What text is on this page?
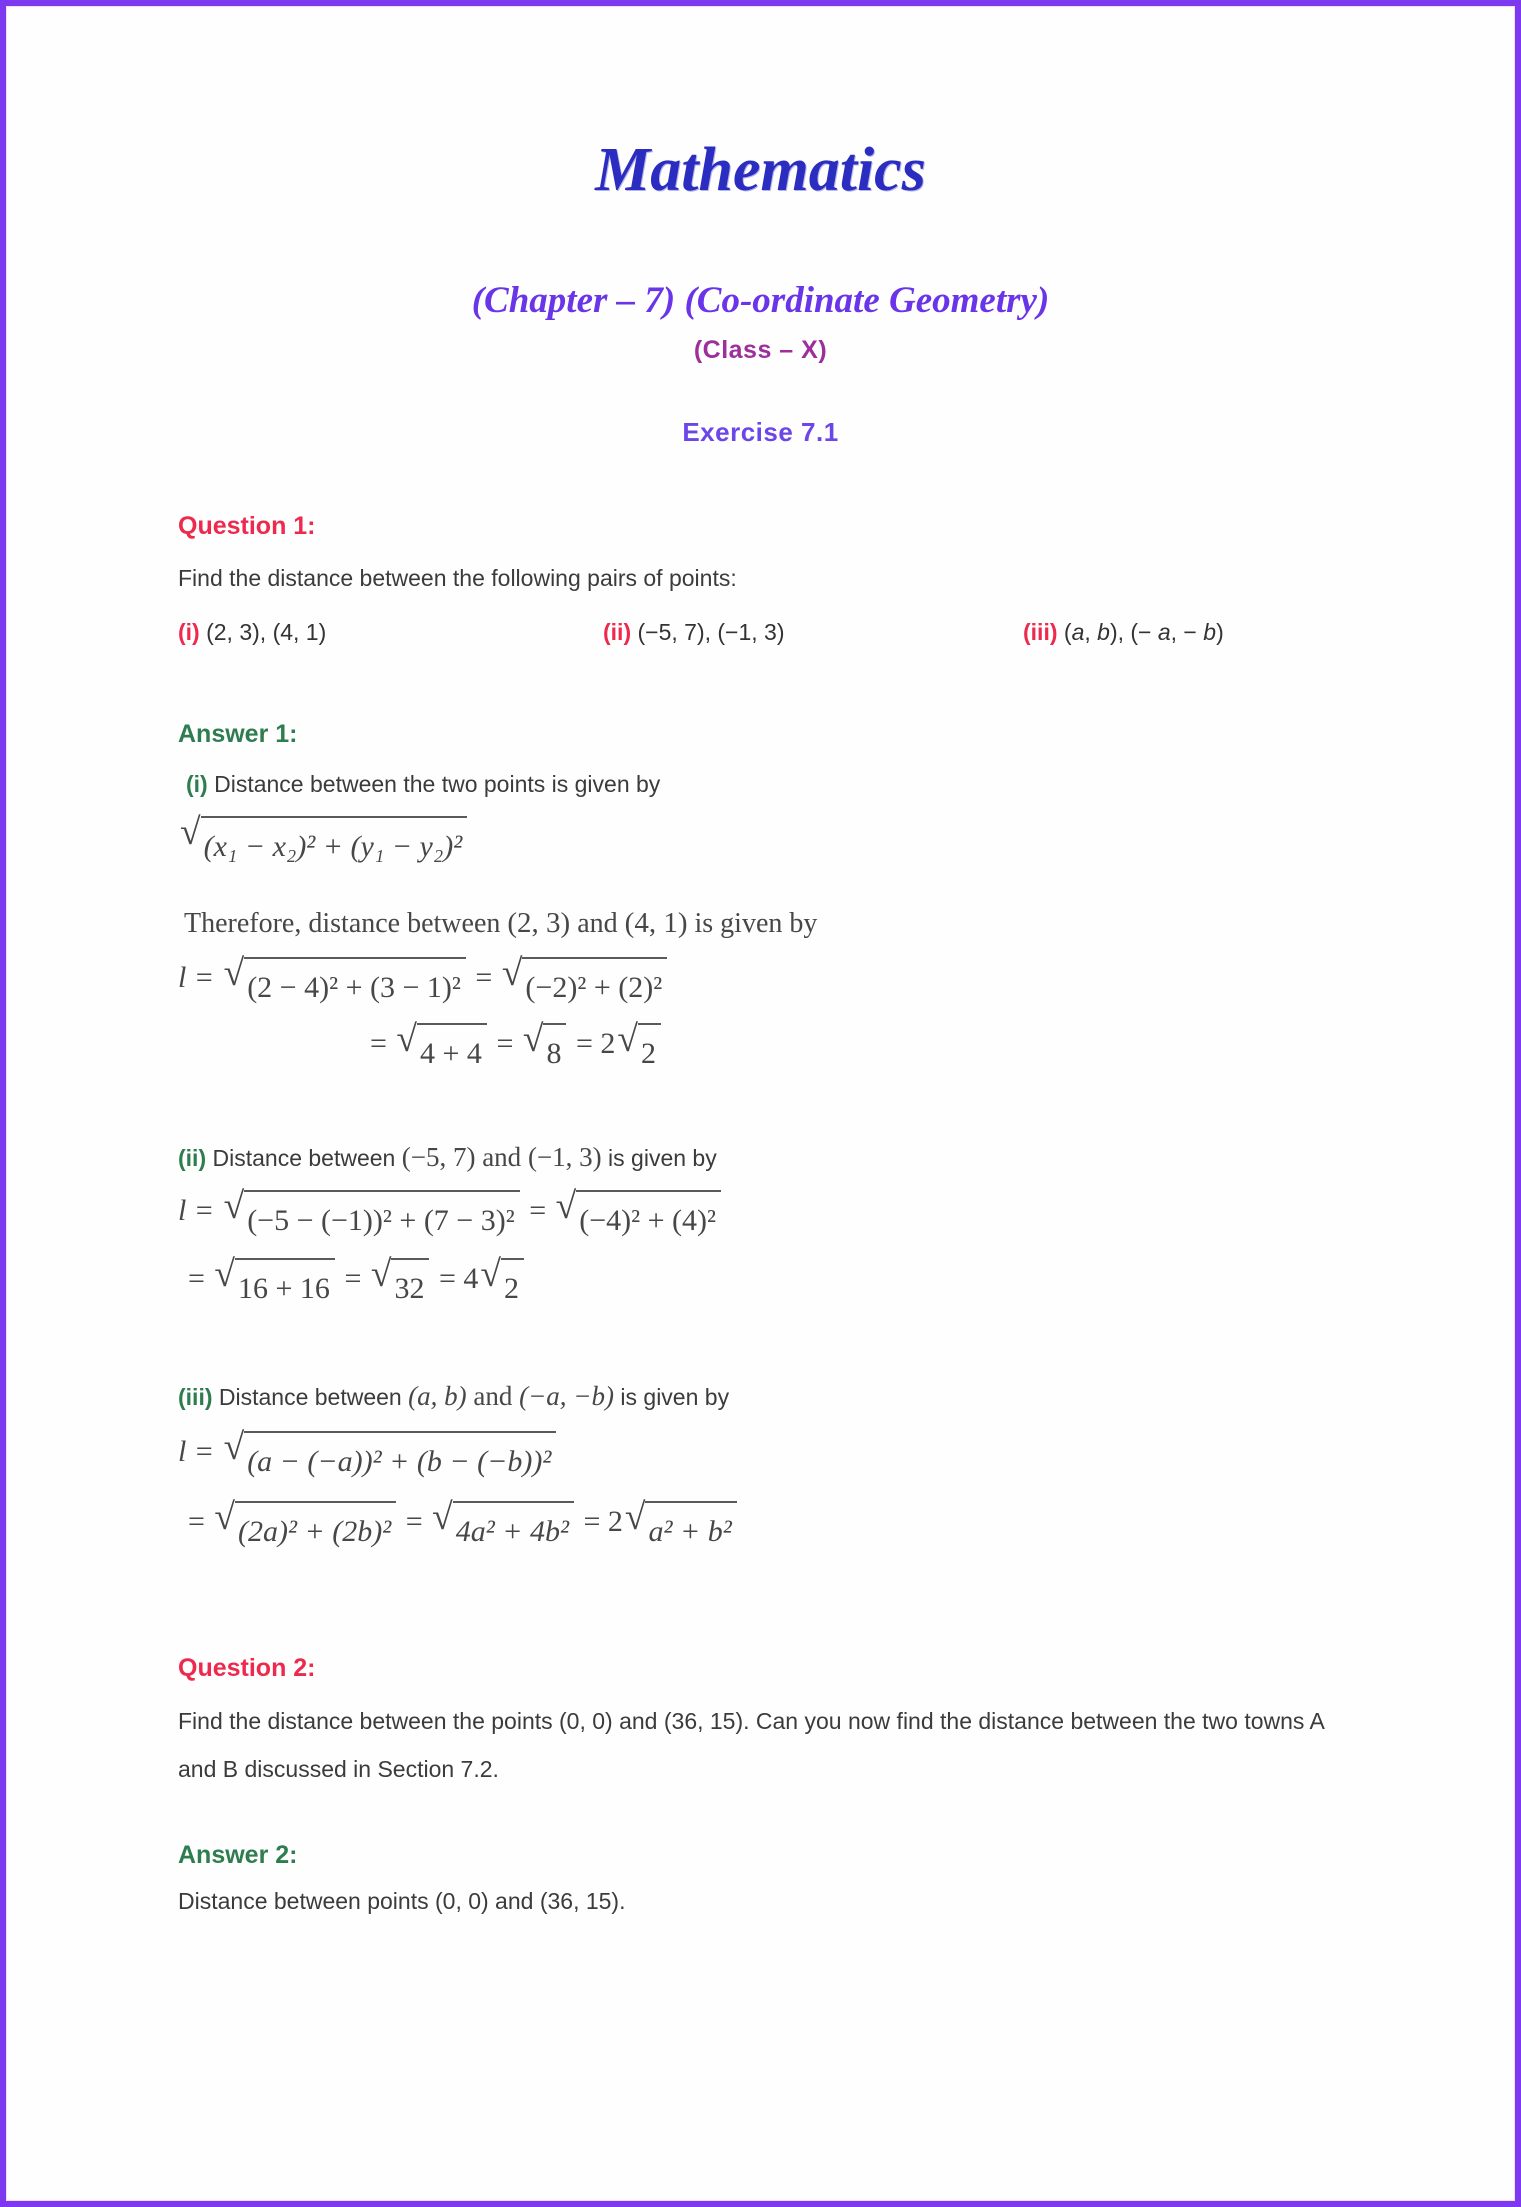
Mathematics
(Chapter – 7) (Co-ordinate Geometry)
(Class – X)
Exercise 7.1
Question 1:
Find the distance between the following pairs of points:
(i) (2, 3), (4, 1)	(ii) (−5, 7), (−1, 3)	(iii) (a, b), (− a, − b)
Answer 1:
(i) Distance between the two points is given by
√ (x₁ − x₂)² + (y₁ − y₂)²
Therefore, distance between (2, 3) and (4, 1) is given by
l = √ (2 − 4)² + (3 − 1)² = √ (−2)² + (2)²
= √ 4 + 4 = √ 8 = 2 √ 2
(ii) Distance between (−5, 7) and (−1, 3) is given by
l = √ (−5 − (−1))² + (7 − 3)² = √ (−4)² + (4)²
= √ 16 + 16 = √ 32 = 4 √ 2
(iii) Distance between (a, b) and (−a, −b) is given by
l = √ (a − (−a))² + (b − (−b))²
= √ (2a)² + (2b)² = √ 4a² + 4b² = 2 √ a² + b²
Question 2:
Find the distance between the points (0, 0) and (36, 15). Can you now find the distance between the two towns A and B discussed in Section 7.2.
Answer 2:
Distance between points (0, 0) and (36, 15).
